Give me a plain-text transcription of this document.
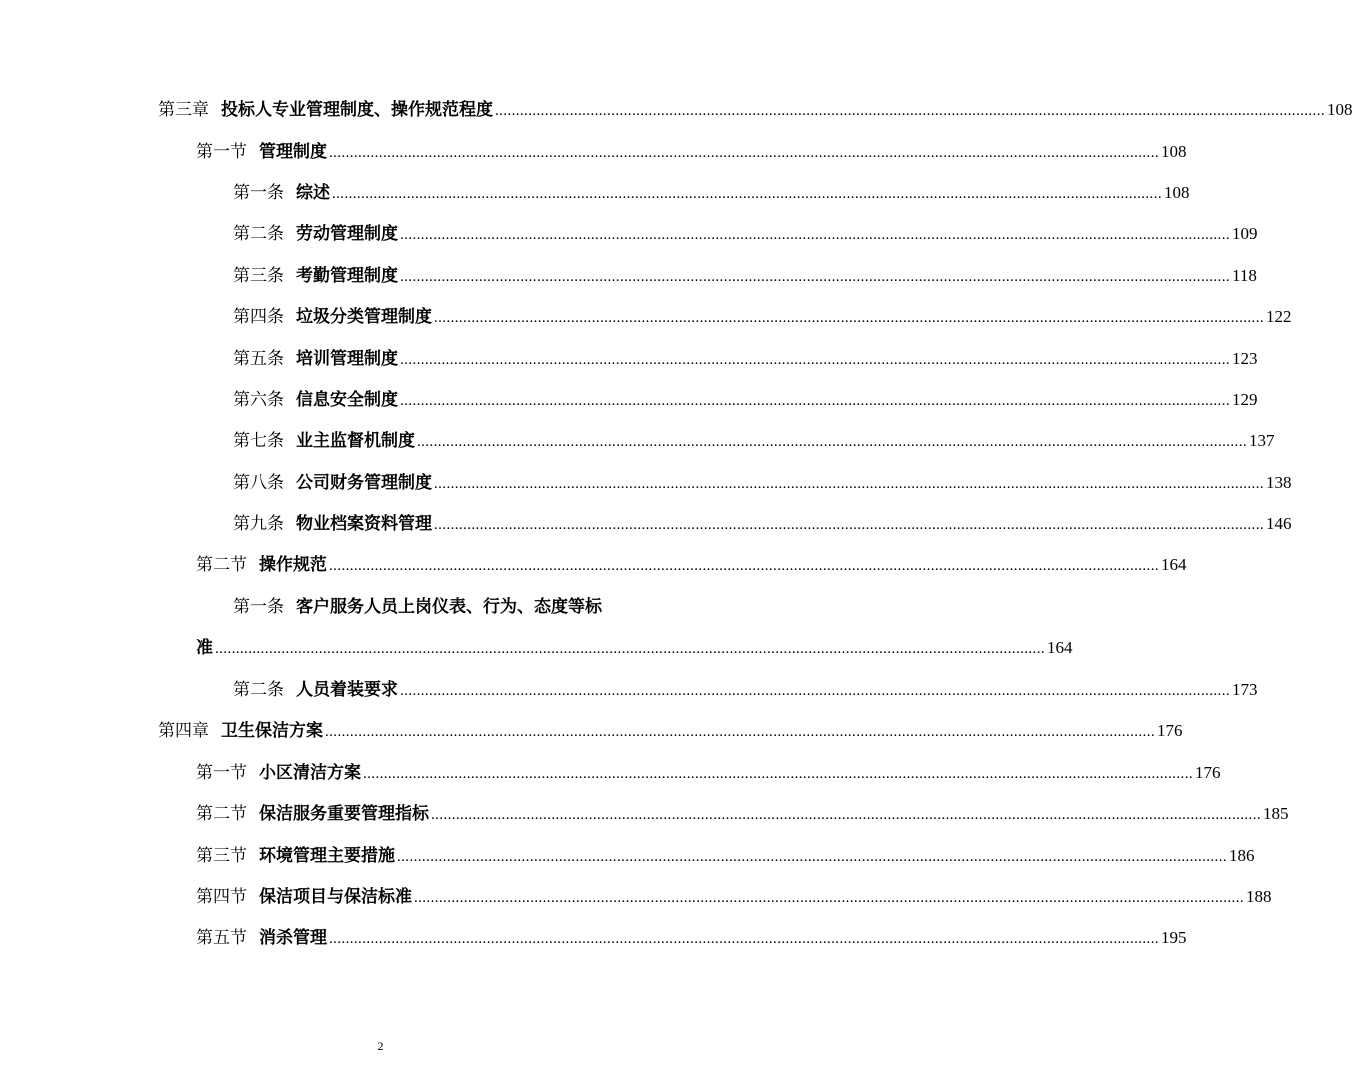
第三章 投标人专业管理制度、操作规范程度 ........................................................................................................................................................................................................ 108
第一节 管理制度 ........................................................................................................................................................................................................ 108
第一条 综述 ........................................................................................................................................................................................................ 108
第二条 劳动管理制度 ........................................................................................................................................................................................................ 109
第三条 考勤管理制度 ........................................................................................................................................................................................................ 118
第四条 垃圾分类管理制度 ........................................................................................................................................................................................................ 122
第五条 培训管理制度 ........................................................................................................................................................................................................ 123
第六条 信息安全制度 ........................................................................................................................................................................................................ 129
第七条 业主监督机制度 ........................................................................................................................................................................................................ 137
第八条 公司财务管理制度 ........................................................................................................................................................................................................ 138
第九条 物业档案资料管理 ........................................................................................................................................................................................................ 146
第二节 操作规范 ........................................................................................................................................................................................................ 164
第一条 客户服务人员上岗仪表、行为、态度等标
准 ........................................................................................................................................................................................................ 164
第二条 人员着装要求 ........................................................................................................................................................................................................ 173
第四章 卫生保洁方案 ........................................................................................................................................................................................................ 176
第一节 小区清洁方案 ........................................................................................................................................................................................................ 176
第二节 保洁服务重要管理指标 ........................................................................................................................................................................................................ 185
第三节 环境管理主要措施 ........................................................................................................................................................................................................ 186
第四节 保洁项目与保洁标准 ........................................................................................................................................................................................................ 188
第五节 消杀管理 ........................................................................................................................................................................................................ 195
2
